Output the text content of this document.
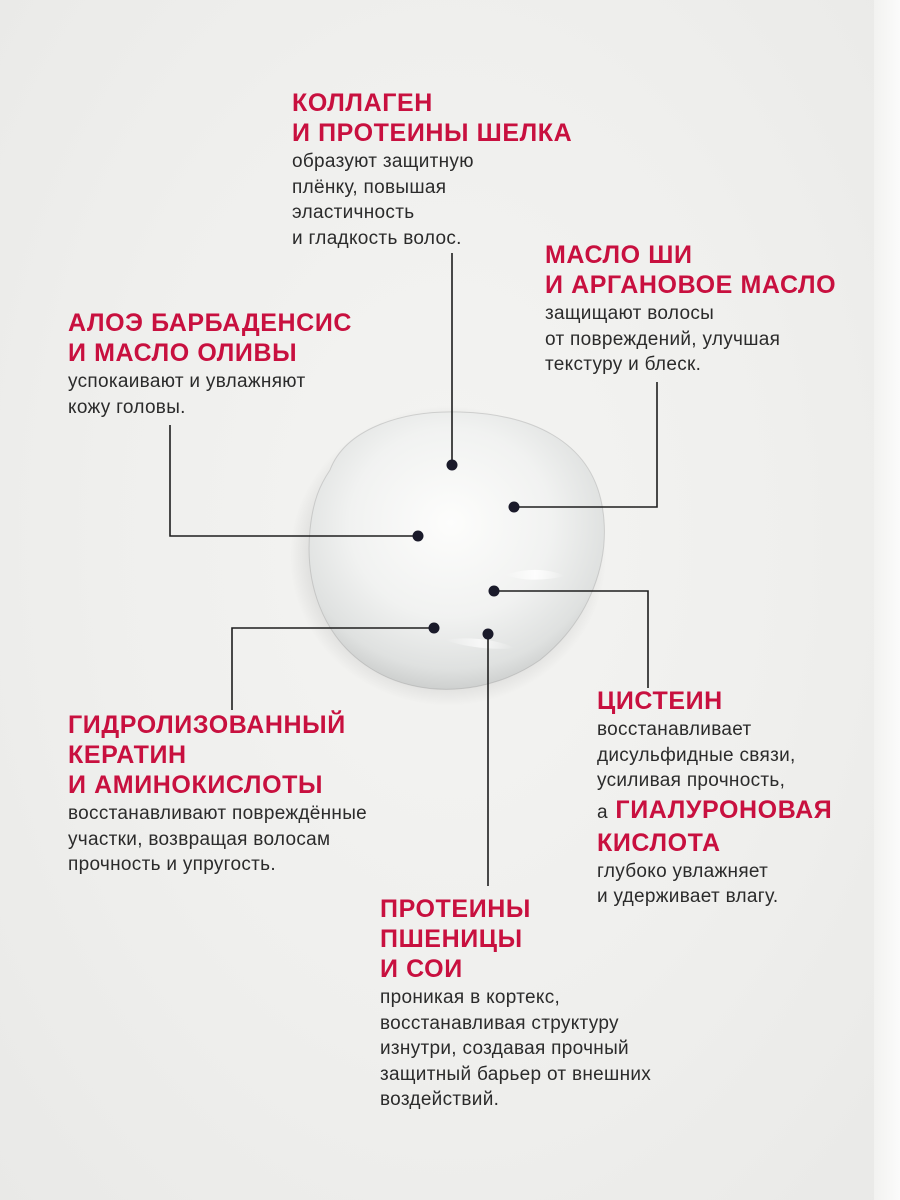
КОЛЛАГЕН
И ПРОТЕИНЫ ШЕЛКА
образуют защитную
плёнку, повышая
эластичность
и гладкость волос.
МАСЛО ШИ
И АРГАНОВОЕ МАСЛО
защищают волосы
от повреждений, улучшая
текстуру и блеск.
АЛОЭ БАРБАДЕНСИС
И МАСЛО ОЛИВЫ
успокаивают и увлажняют
кожу головы.
ГИДРОЛИЗОВАННЫЙ
КЕРАТИН
И АМИНОКИСЛОТЫ
восстанавливают повреждённые
участки, возвращая волосам
прочность и упругость.
ЦИСТЕИН
восстанавливает
дисульфидные связи,
усиливая прочность,
а ГИАЛУРОНОВАЯ
КИСЛОТА
глубоко увлажняет
и удерживает влагу.
ПРОТЕИНЫ
ПШЕНИЦЫ
И СОИ
проникая в кортекс,
восстанавливая структуру
изнутри, создавая прочный
защитный барьер от внешних
воздействий.
